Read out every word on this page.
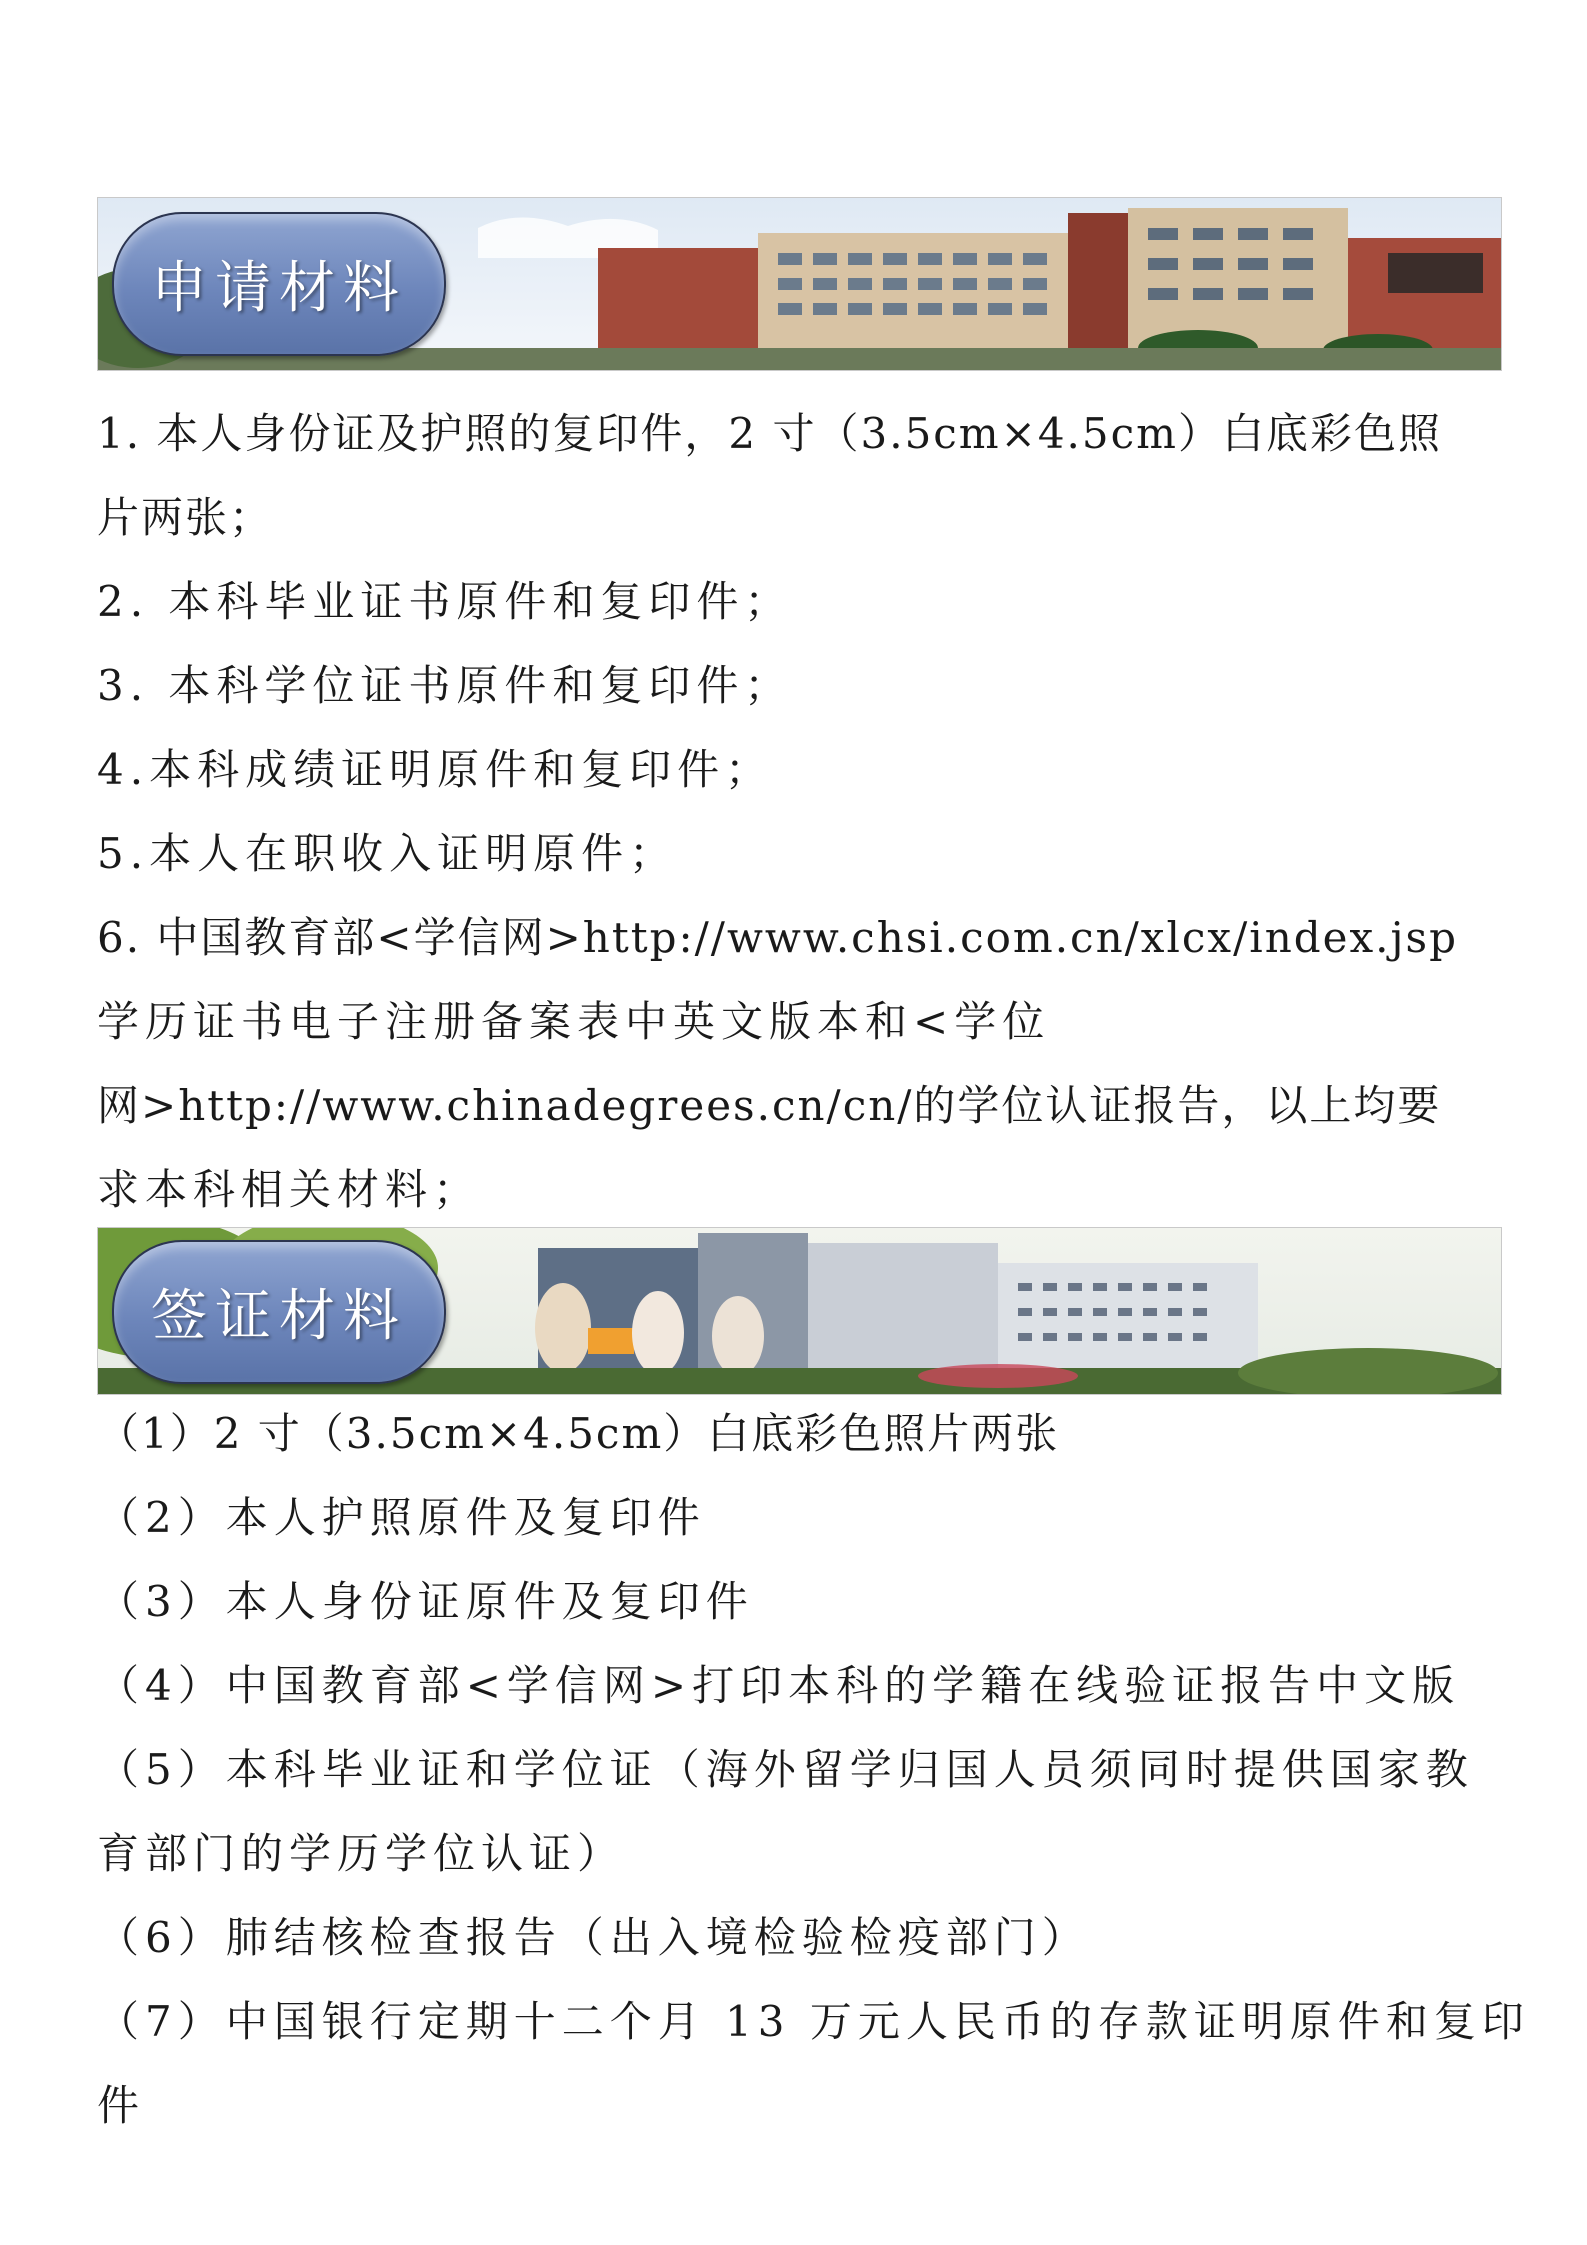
申请材料
1. 本人身份证及护照的复印件，2 寸（3.5cm×4.5cm）白底彩色照
片两张；
2. 本科毕业证书原件和复印件；
3. 本科学位证书原件和复印件；
4.本科成绩证明原件和复印件；
5.本人在职收入证明原件；
6. 中国教育部<学信网>http://www.chsi.com.cn/xlcx/index.jsp
学历证书电子注册备案表中英文版本和<学位
网>http://www.chinadegrees.cn/cn/的学位认证报告，以上均要
求本科相关材料；
签证材料
（1）2 寸（3.5cm×4.5cm）白底彩色照片两张
（2）本人护照原件及复印件
（3）本人身份证原件及复印件
（4）中国教育部<学信网>打印本科的学籍在线验证报告中文版
（5）本科毕业证和学位证（海外留学归国人员须同时提供国家教
育部门的学历学位认证）
（6）肺结核检查报告（出入境检验检疫部门）
（7）中国银行定期十二个月 13 万元人民币的存款证明原件和复印
件
